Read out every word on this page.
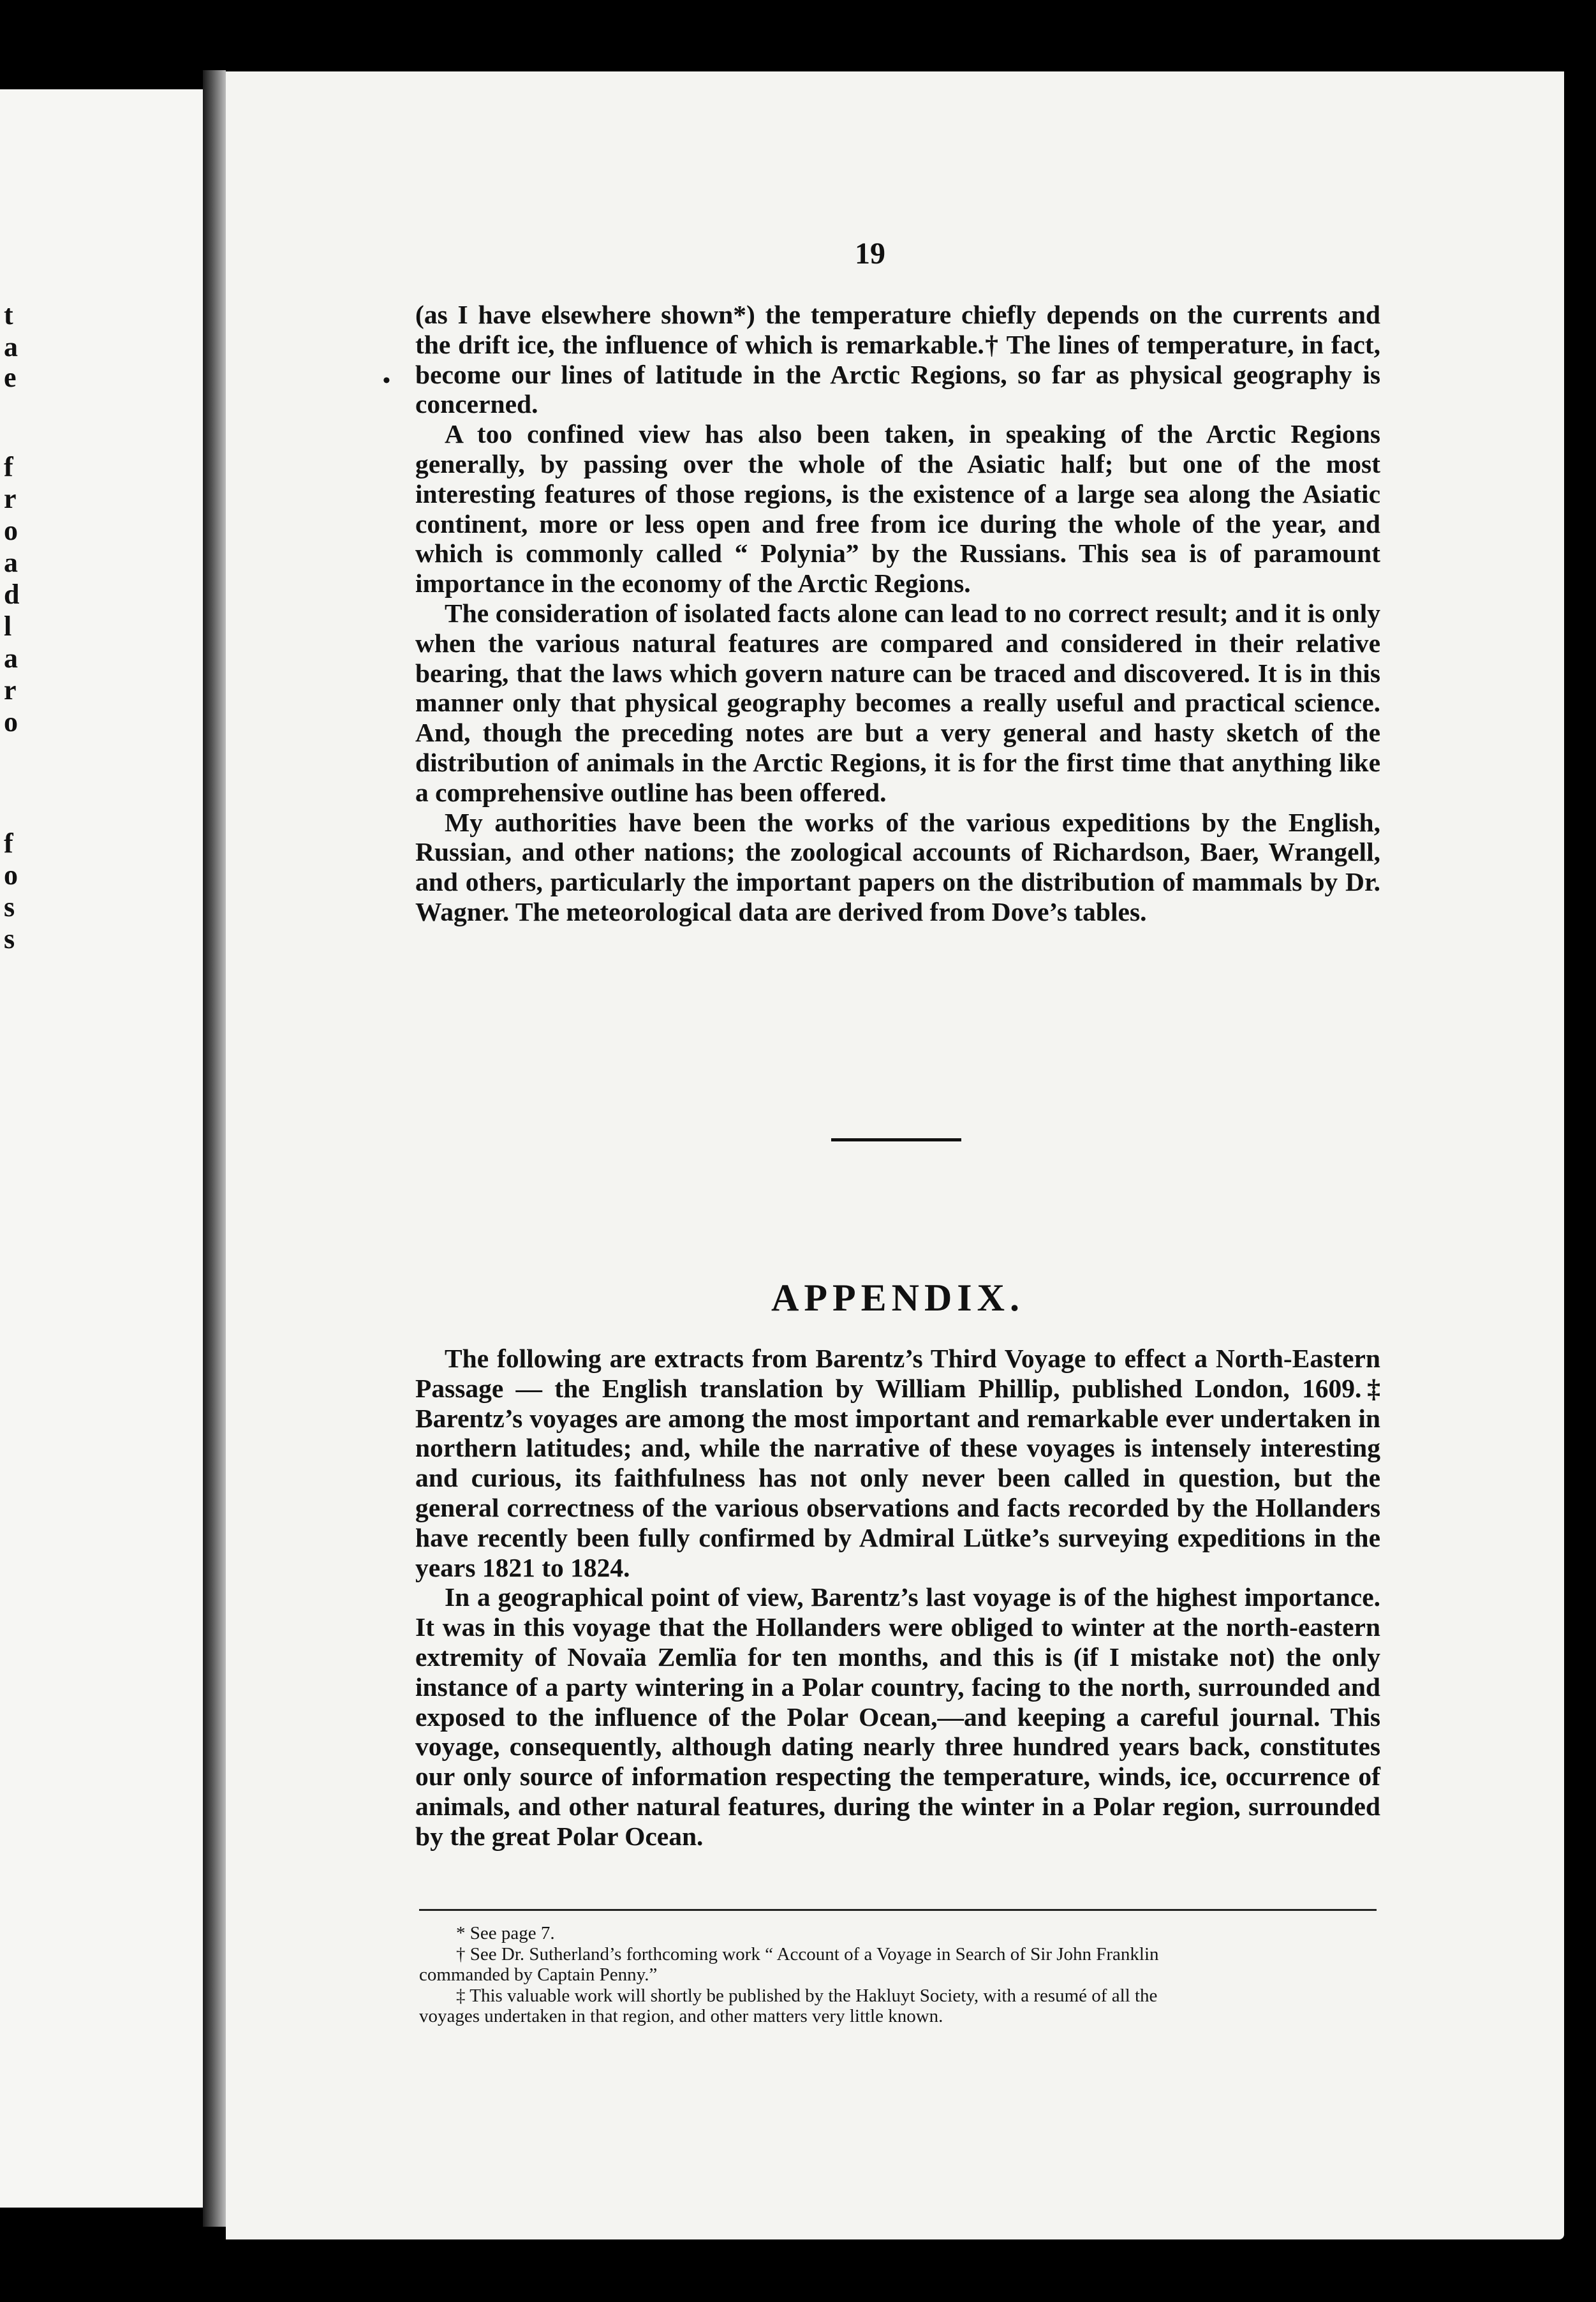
t
a
e
f
r
o
a
d
l
a
r
o
f
o
s
s
19
•

(as I have elsewhere shown*) the temperature chiefly depends on the currents and the drift ice, the influence of which is remarkable.† The lines of temperature, in fact, become our lines of latitude in the Arctic Regions, so far as physical geography is concerned.

A too confined view has also been taken, in speaking of the Arctic Regions generally, by passing over the whole of the Asiatic half; but one of the most interesting features of those regions, is the existence of a large sea along the Asiatic continent, more or less open and free from ice during the whole of the year, and which is commonly called “ Polynia” by the Russians. This sea is of paramount importance in the economy of the Arctic Regions.

The consideration of isolated facts alone can lead to no correct result; and it is only when the various natural features are compared and considered in their relative bearing, that the laws which govern nature can be traced and discovered. It is in this manner only that physical geography becomes a really useful and practical science. And, though the preceding notes are but a very general and hasty sketch of the distribution of animals in the Arctic Regions, it is for the first time that anything like a comprehensive outline has been offered.

My authorities have been the works of the various expeditions by the English, Russian, and other nations; the zoological accounts of Richardson, Baer, Wrangell, and others, particularly the important papers on the distribution of mammals by Dr. Wagner. The meteorological data are derived from Dove’s tables.

APPENDIX.

The following are extracts from Barentz’s Third Voyage to effect a North-Eastern Passage — the English translation by William Phillip, published London, 1609.‡ Barentz’s voyages are among the most important and remarkable ever undertaken in northern latitudes; and, while the narrative of these voyages is intensely interesting and curious, its faithfulness has not only never been called in question, but the general correctness of the various observations and facts recorded by the Hollanders have recently been fully confirmed by Admiral Lütke’s surveying expeditions in the years 1821 to 1824.

In a geographical point of view, Barentz’s last voyage is of the highest importance. It was in this voyage that the Hollanders were obliged to winter at the north-eastern extremity of Novaïa Zemlïa for ten months, and this is (if I mistake not) the only instance of a party wintering in a Polar country, facing to the north, surrounded and exposed to the influence of the Polar Ocean,—and keeping a careful journal. This voyage, consequently, although dating nearly three hundred years back, constitutes our only source of information respecting the temperature, winds, ice, occurrence of animals, and other natural features, during the winter in a Polar region, surrounded by the great Polar Ocean.

* See page 7.
† See Dr. Sutherland’s forthcoming work “ Account of a Voyage in Search of Sir John Franklin
commanded by Captain Penny.”
‡ This valuable work will shortly be published by the Hakluyt Society, with a resumé of all the
voyages undertaken in that region, and other matters very little known.
